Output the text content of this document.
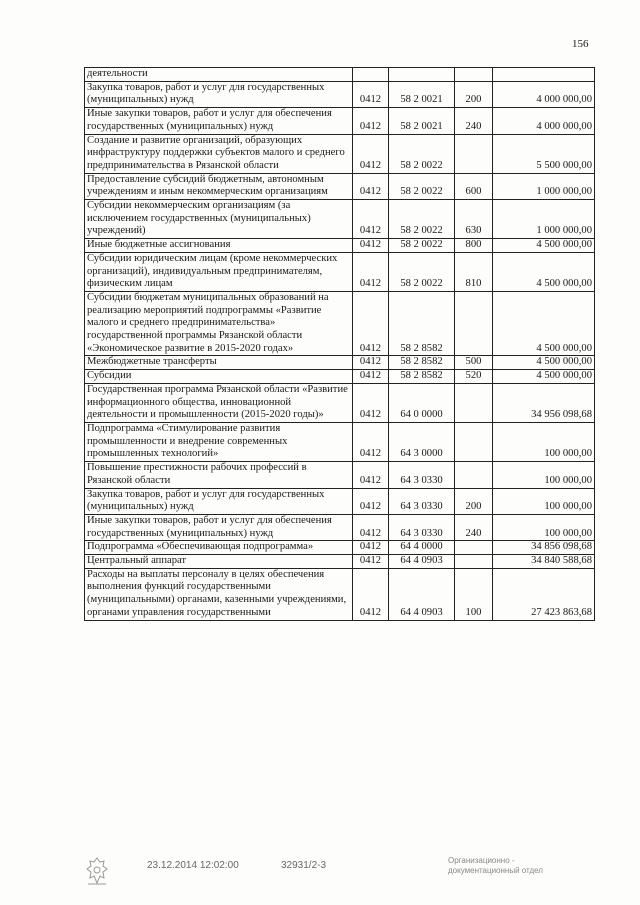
156
деятельности				
Закупка товаров, работ и услуг для государственных (муниципальных) нужд	0412	58 2 0021	200	4 000 000,00
Иные закупки товаров, работ и услуг для обеспечения государственных (муниципальных) нужд	0412	58 2 0021	240	4 000 000,00
Создание и развитие организаций, образующих инфраструктуру поддержки субъектов малого и среднего предпринимательства в Рязанской области	0412	58 2 0022		5 500 000,00
Предоставление субсидий бюджетным, автономным учреждениям и иным некоммерческим организациям	0412	58 2 0022	600	1 000 000,00
Субсидии некоммерческим организациям (за исключением государственных (муниципальных) учреждений)	0412	58 2 0022	630	1 000 000,00
Иные бюджетные ассигнования	0412	58 2 0022	800	4 500 000,00
Субсидии юридическим лицам (кроме некоммерческих организаций), индивидуальным предпринимателям, физическим лицам	0412	58 2 0022	810	4 500 000,00
Субсидии бюджетам муниципальных образований на реализацию мероприятий подпрограммы «Развитие малого и среднего предпринимательства» государственной программы Рязанской области «Экономическое развитие в 2015-2020 годах»	0412	58 2 8582		4 500 000,00
Межбюджетные трансферты	0412	58 2 8582	500	4 500 000,00
Субсидии	0412	58 2 8582	520	4 500 000,00
Государственная программа Рязанской области «Развитие информационного общества, инновационной деятельности и промышленности (2015-2020 годы)»	0412	64 0 0000		34 956 098,68
Подпрограмма «Стимулирование развития промышленности и внедрение современных промышленных технологий»	0412	64 3 0000		100 000,00
Повышение престижности рабочих профессий в Рязанской области	0412	64 3 0330		100 000,00
Закупка товаров, работ и услуг для государственных (муниципальных) нужд	0412	64 3 0330	200	100 000,00
Иные закупки товаров, работ и услуг для обеспечения государственных (муниципальных) нужд	0412	64 3 0330	240	100 000,00
Подпрограмма «Обеспечивающая подпрограмма»	0412	64 4 0000		34 856 098,68
Центральный аппарат	0412	64 4 0903		34 840 588,68
Расходы на выплаты персоналу в целях обеспечения выполнения функций государственными (муниципальными) органами, казенными учреждениями, органами управления государственными	0412	64 4 0903	100	27 423 863,68
23.12.2014 12:02:00	32931/2-3	Организационно -
документационный отдел
